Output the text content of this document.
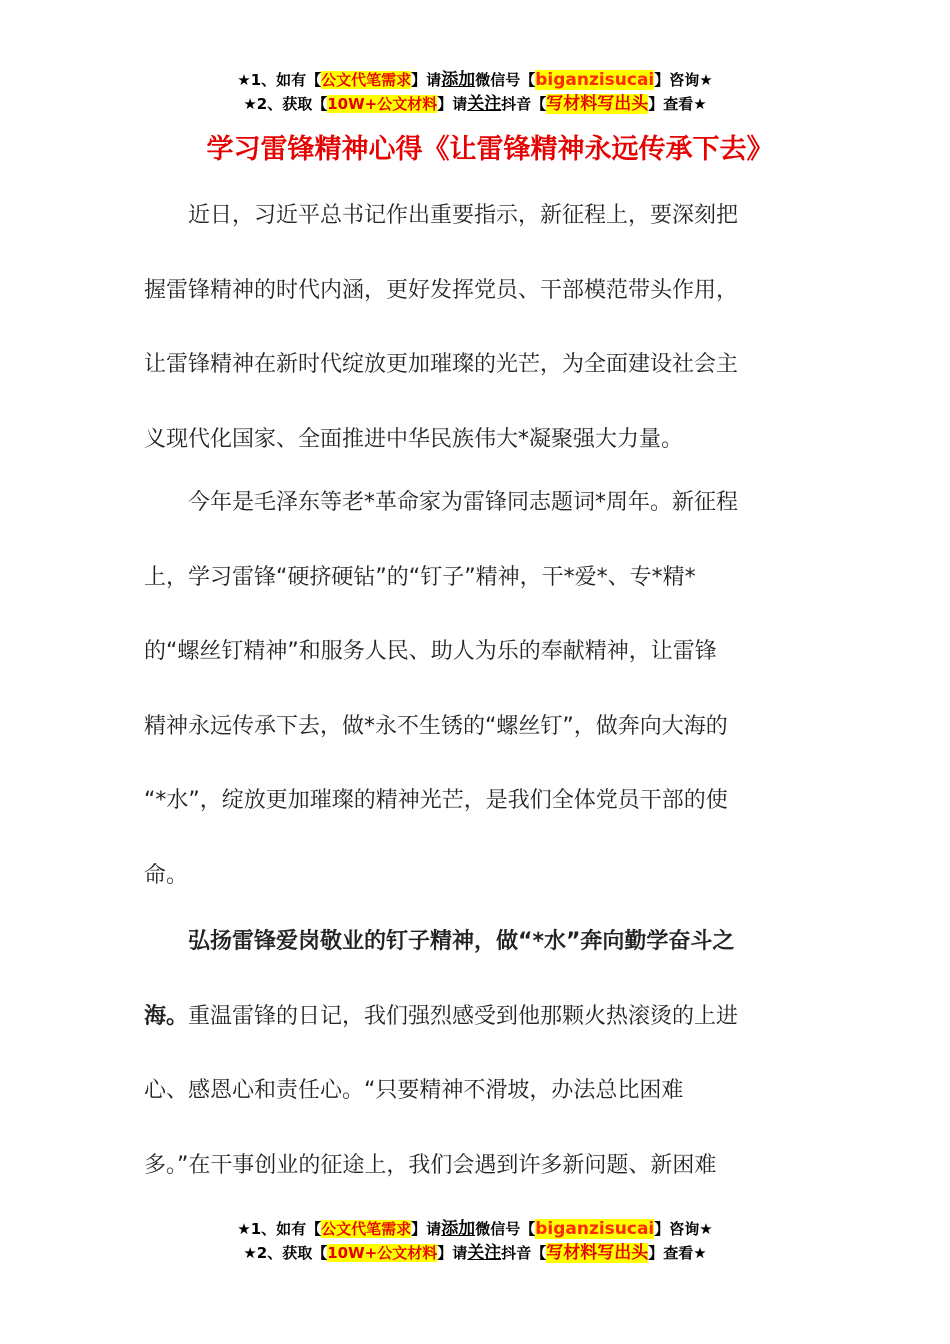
★1、如有【公文代笔需求】请添加微信号【biganzisucai】咨询★
★2、获取【10W+公文材料】请关注抖音【写材料写出头】查看★
学习雷锋精神心得《让雷锋精神永远传承下去》
近日，习近平总书记作出重要指示，新征程上，要深刻把
握雷锋精神的时代内涵，更好发挥党员、干部模范带头作用，
让雷锋精神在新时代绽放更加璀璨的光芒，为全面建设社会主
义现代化国家、全面推进中华民族伟大*凝聚强大力量。
今年是毛泽东等老*革命家为雷锋同志题词*周年。新征程
上，学习雷锋“硬挤硬钻”的“钉子”精神，干*爱*、专*精*
的“螺丝钉精神”和服务人民、助人为乐的奉献精神，让雷锋
精神永远传承下去，做*永不生锈的“螺丝钉”，做奔向大海的
“*水”，绽放更加璀璨的精神光芒，是我们全体党员干部的使
命。
弘扬雷锋爱岗敬业的钉子精神，做“*水”奔向勤学奋斗之
海。重温雷锋的日记，我们强烈感受到他那颗火热滚烫的上进
心、感恩心和责任心。“只要精神不滑坡，办法总比困难
多。”在干事创业的征途上，我们会遇到许多新问题、新困难
★1、如有【公文代笔需求】请添加微信号【biganzisucai】咨询★
★2、获取【10W+公文材料】请关注抖音【写材料写出头】查看★
